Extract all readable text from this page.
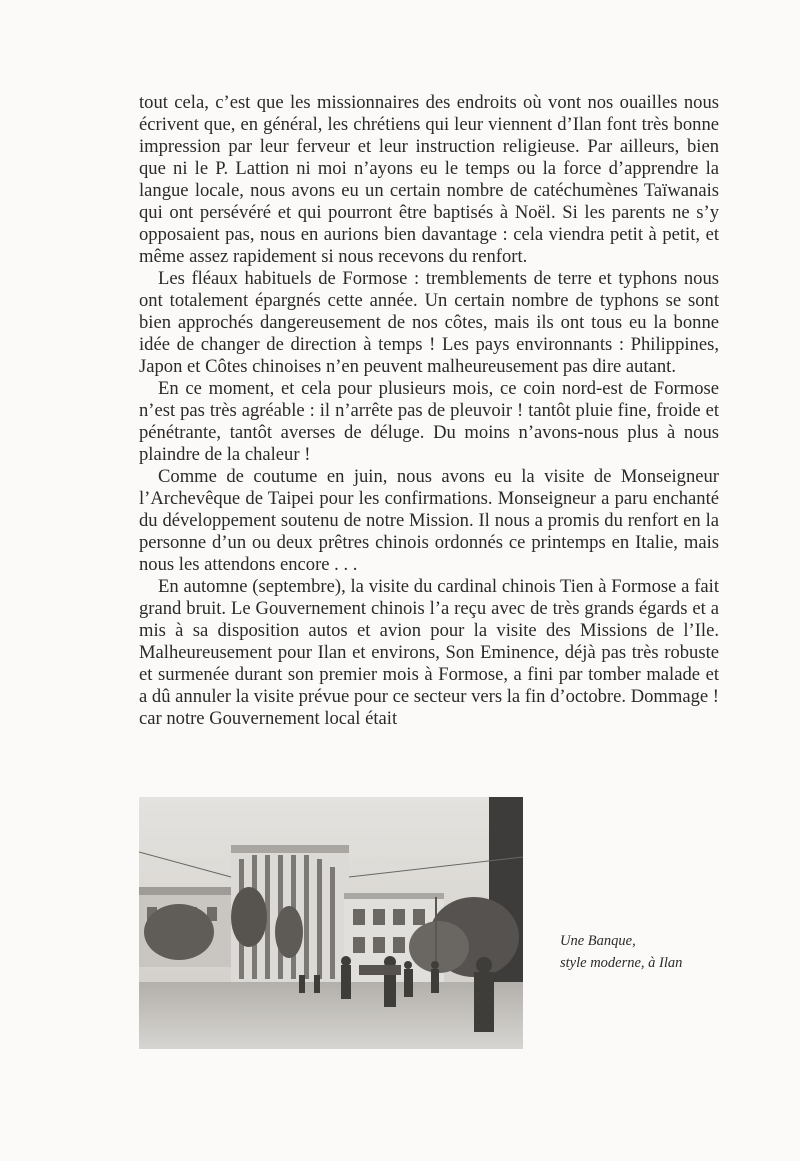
tout cela, c’est que les missionnaires des endroits où vont nos ouailles nous écrivent que, en général, les chrétiens qui leur viennent d’Ilan font très bonne impression par leur ferveur et leur instruction religieuse. Par ailleurs, bien que ni le P. Lattion ni moi n’ayons eu le temps ou la force d’apprendre la langue locale, nous avons eu un certain nombre de catéchumènes Taïwanais qui ont persévéré et qui pourront être baptisés à Noël. Si les parents ne s’y opposaient pas, nous en aurions bien davantage : cela viendra petit à petit, et même assez rapidement si nous recevons du renfort.

Les fléaux habituels de Formose : tremblements de terre et typhons nous ont totalement épargnés cette année. Un certain nombre de typhons se sont bien approchés dangereusement de nos côtes, mais ils ont tous eu la bonne idée de changer de direction à temps ! Les pays environnants : Philippines, Japon et Côtes chinoises n’en peuvent malheureusement pas dire autant.

En ce moment, et cela pour plusieurs mois, ce coin nord-est de Formose n’est pas très agréable : il n’arrête pas de pleuvoir ! tantôt pluie fine, froide et pénétrante, tantôt averses de déluge. Du moins n’avons-nous plus à nous plaindre de la chaleur !

Comme de coutume en juin, nous avons eu la visite de Monseigneur l’Archevêque de Taipei pour les confirmations. Monseigneur a paru enchanté du développement soutenu de notre Mission. Il nous a promis du renfort en la personne d’un ou deux prêtres chinois ordonnés ce printemps en Italie, mais nous les attendons encore . . .

En automne (septembre), la visite du cardinal chinois Tien à Formose a fait grand bruit. Le Gouvernement chinois l’a reçu avec de très grands égards et a mis à sa disposition autos et avion pour la visite des Missions de l’Ile. Malheureusement pour Ilan et environs, Son Eminence, déjà pas très robuste et surmenée durant son premier mois à Formose, a fini par tomber malade et a dû annuler la visite prévue pour ce secteur vers la fin d’octobre. Dommage ! car notre Gouvernement local était

Une Banque,
style moderne, à Ilan
